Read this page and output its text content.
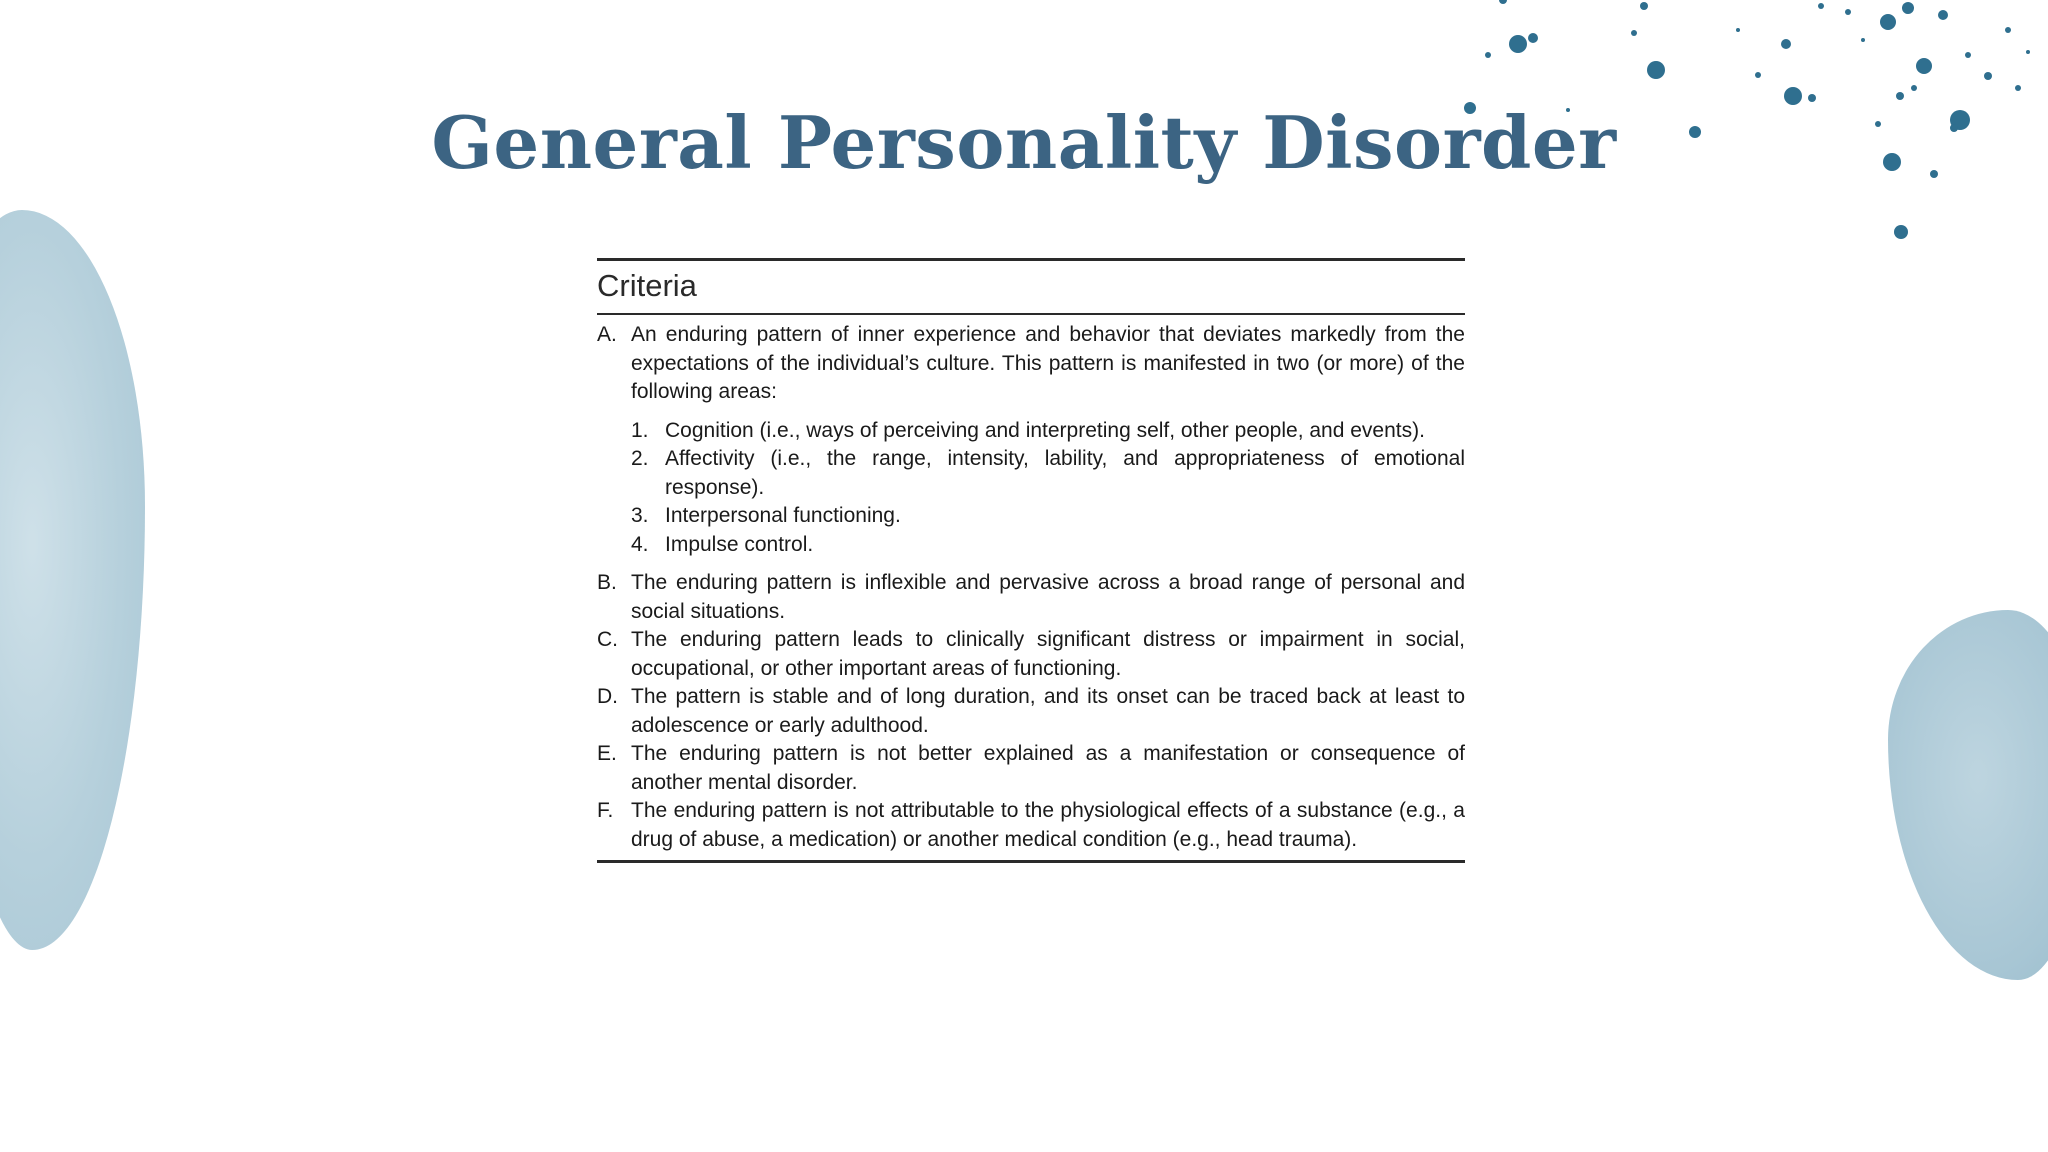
General Personality Disorder
Criteria
A. An enduring pattern of inner experience and behavior that deviates markedly from the expectations of the individual’s culture. This pattern is manifested in two (or more) of the following areas:
1. Cognition (i.e., ways of perceiving and interpreting self, other people, and events).
2. Affectivity (i.e., the range, intensity, lability, and appropriateness of emotional response).
3. Interpersonal functioning.
4. Impulse control.
B. The enduring pattern is inflexible and pervasive across a broad range of personal and social situations.
C. The enduring pattern leads to clinically significant distress or impairment in social, occupational, or other important areas of functioning.
D. The pattern is stable and of long duration, and its onset can be traced back at least to adolescence or early adulthood.
E. The enduring pattern is not better explained as a manifestation or consequence of another mental disorder.
F. The enduring pattern is not attributable to the physiological effects of a substance (e.g., a drug of abuse, a medication) or another medical condition (e.g., head trauma).
